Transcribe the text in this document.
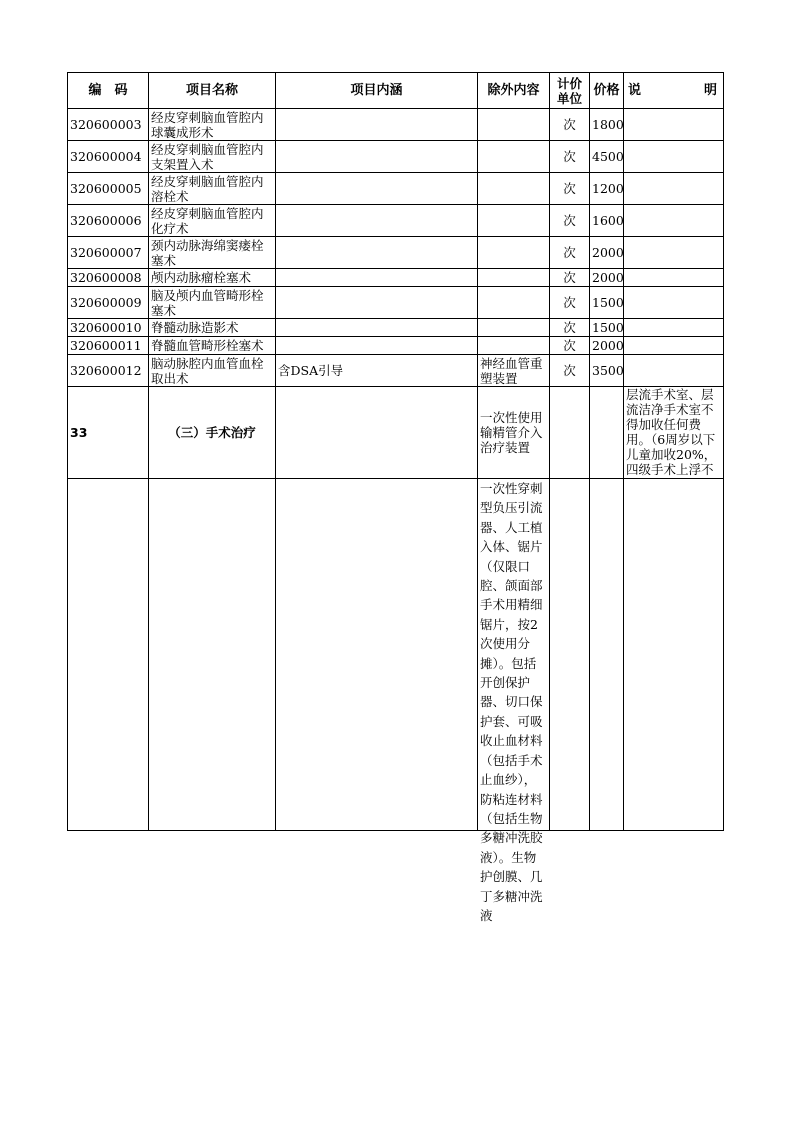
编　码	项目名称	项目内涵	除外内容	计价单位	价格	说 明

320600003	经皮穿刺脑血管腔内球囊成形术			次	1800	
320600004	经皮穿刺脑血管腔内支架置入术			次	4500	
320600005	经皮穿刺脑血管腔内溶栓术			次	1200	
320600006	经皮穿刺脑血管腔内化疗术			次	1600	
320600007	颈内动脉海绵窦瘘栓塞术			次	2000	
320600008	颅内动脉瘤栓塞术			次	2000	
320600009	脑及颅内血管畸形栓塞术			次	1500	
320600010	脊髓动脉造影术			次	1500	
320600011	脊髓血管畸形栓塞术			次	2000	
320600012	脑动脉腔内血管血栓取出术	含DSA引导	神经血管重塑装置	次	3500	
33	（三）手术治疗		一次性使用输精管介入治疗装置			层流手术室、层流洁净手术室不得加收任何费用。（6周岁以下儿童加收20%，四级手术上浮不

			一次性穿刺型负压引流器、人工植入体、锯片（仅限口腔、颌面部手术用精细锯片，按2次使用分摊）。包括开创保护器、切口保护套、可吸收止血材料（包括手术止血纱），防粘连材料（包括生物多糖冲洗胶液）。生物护创膜、几丁多糖冲洗液			
